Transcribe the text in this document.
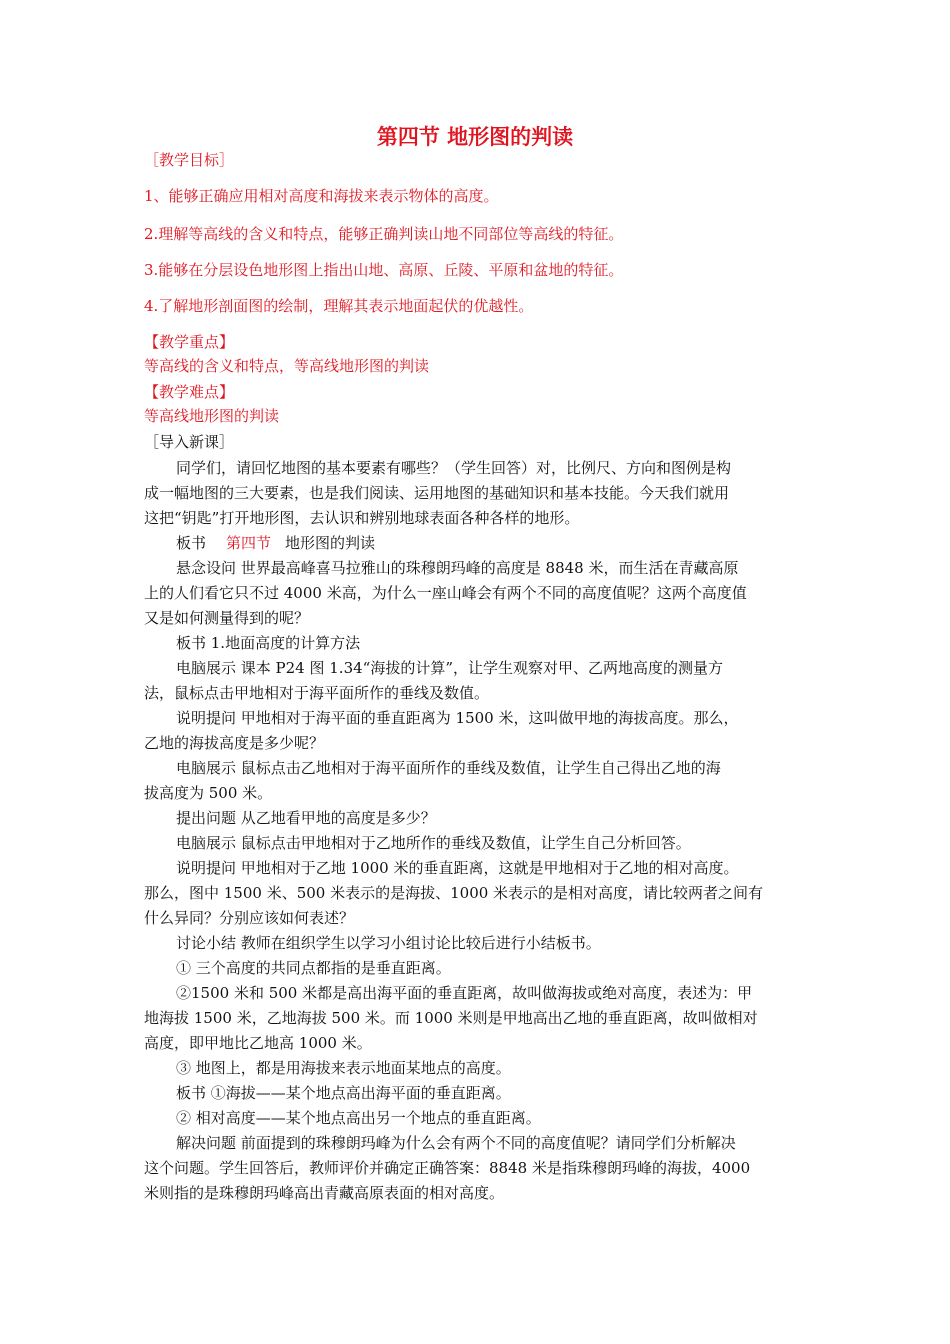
第四节 地形图的判读
［教学目标］
1、能够正确应用相对高度和海拔来表示物体的高度。
2.理解等高线的含义和特点，能够正确判读山地不同部位等高线的特征。
3.能够在分层设色地形图上指出山地、高原、丘陵、平原和盆地的特征。
4.了解地形剖面图的绘制，理解其表示地面起伏的优越性。
【教学重点】
等高线的含义和特点，等高线地形图的判读
【教学难点】
等高线地形图的判读
［导入新课］
同学们，请回忆地图的基本要素有哪些？（学生回答）对，比例尺、方向和图例是构
成一幅地图的三大要素，也是我们阅读、运用地图的基础知识和基本技能。今天我们就用
这把“钥匙”打开地形图，去认识和辨别地球表面各种各样的地形。
板书 第四节 地形图的判读
悬念设问 世界最高峰喜马拉雅山的珠穆朗玛峰的高度是 8848 米，而生活在青藏高原
上的人们看它只不过 4000 米高，为什么一座山峰会有两个不同的高度值呢？这两个高度值
又是如何测量得到的呢？
板书 1.地面高度的计算方法
电脑展示 课本 P24 图 1.34“海拔的计算”，让学生观察对甲、乙两地高度的测量方
法，鼠标点击甲地相对于海平面所作的垂线及数值。
说明提问 甲地相对于海平面的垂直距离为 1500 米，这叫做甲地的海拔高度。那么，
乙地的海拔高度是多少呢？
电脑展示 鼠标点击乙地相对于海平面所作的垂线及数值，让学生自己得出乙地的海
拔高度为 500 米。
提出问题 从乙地看甲地的高度是多少？
电脑展示 鼠标点击甲地相对于乙地所作的垂线及数值，让学生自己分析回答。
说明提问 甲地相对于乙地 1000 米的垂直距离，这就是甲地相对于乙地的相对高度。
那么，图中 1500 米、500 米表示的是海拔、1000 米表示的是相对高度，请比较两者之间有
什么异同？分别应该如何表述？
讨论小结 教师在组织学生以学习小组讨论比较后进行小结板书。
① 三个高度的共同点都指的是垂直距离。
②1500 米和 500 米都是高出海平面的垂直距离，故叫做海拔或绝对高度，表述为：甲
地海拔 1500 米，乙地海拔 500 米。而 1000 米则是甲地高出乙地的垂直距离，故叫做相对
高度，即甲地比乙地高 1000 米。
③ 地图上，都是用海拔来表示地面某地点的高度。
板书 ①海拔——某个地点高出海平面的垂直距离。
② 相对高度——某个地点高出另一个地点的垂直距离。
解决问题 前面提到的珠穆朗玛峰为什么会有两个不同的高度值呢？请同学们分析解决
这个问题。学生回答后，教师评价并确定正确答案：8848 米是指珠穆朗玛峰的海拔，4000
米则指的是珠穆朗玛峰高出青藏高原表面的相对高度。
